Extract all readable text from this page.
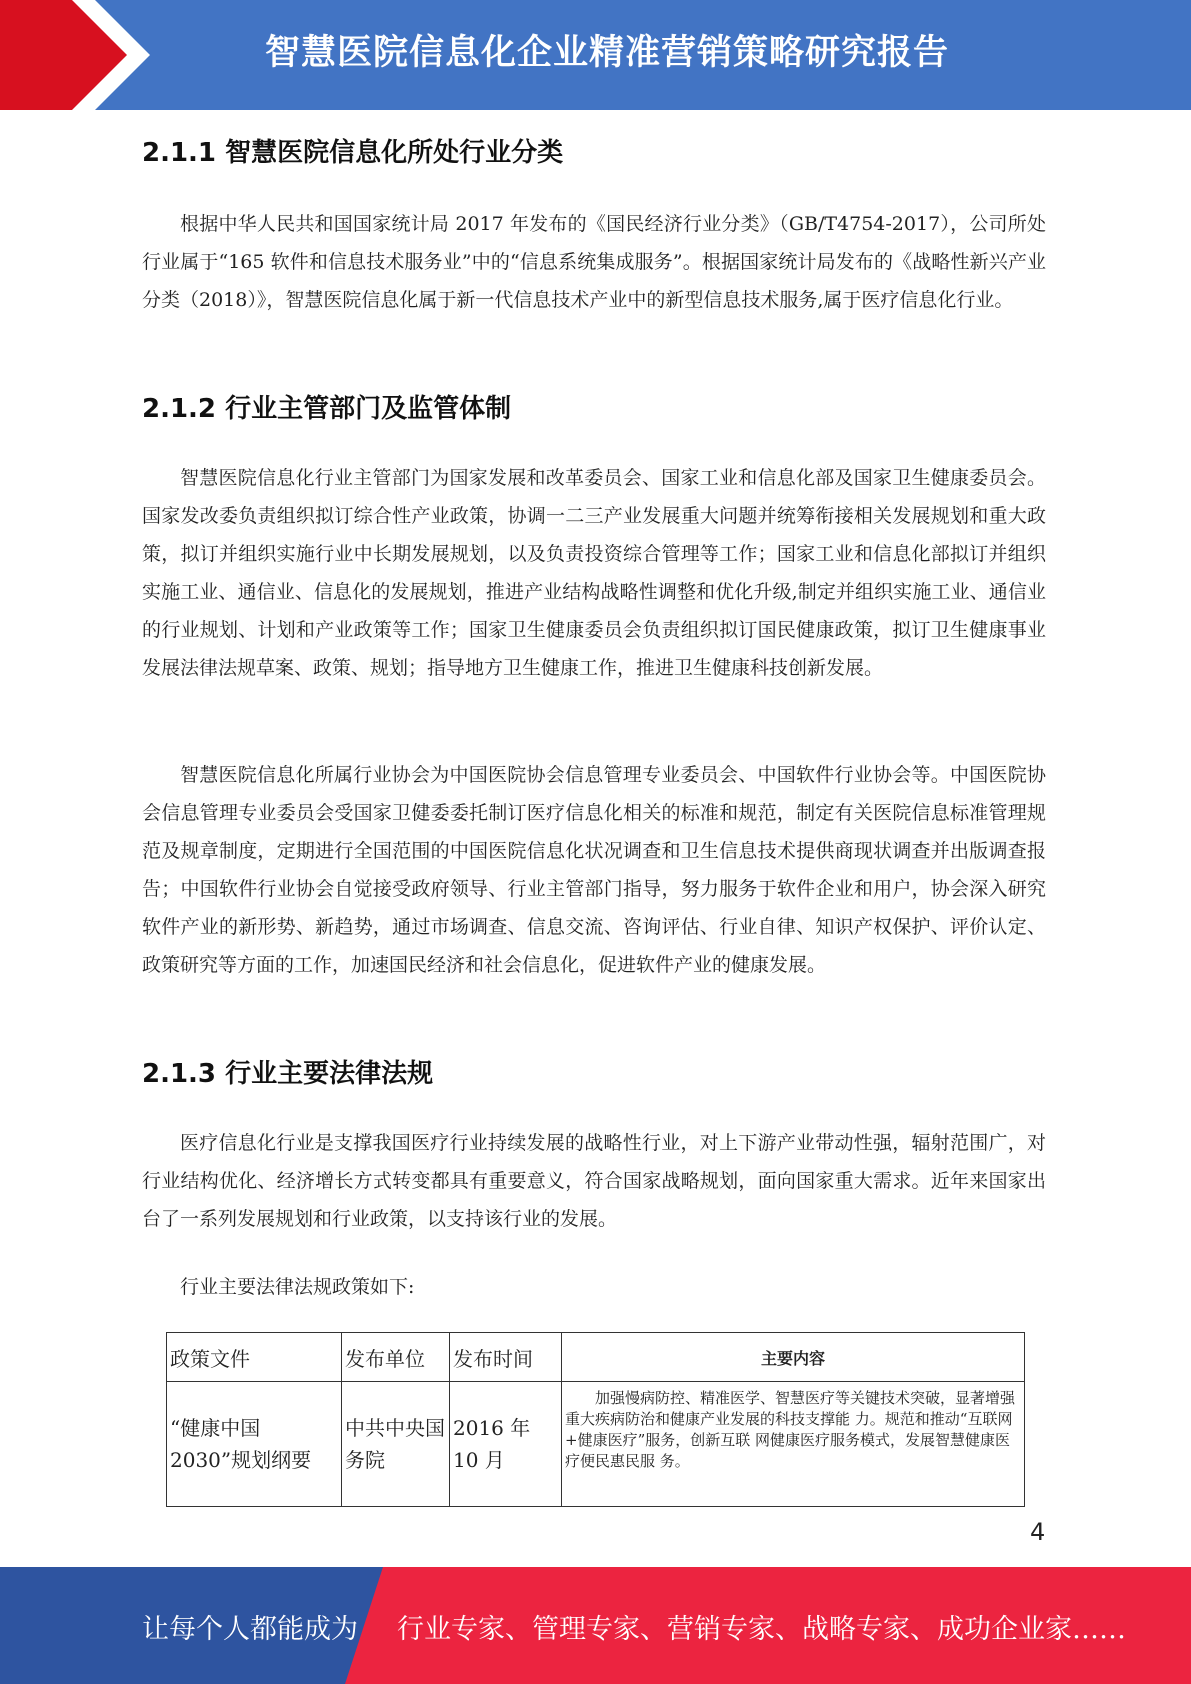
智慧医院信息化企业精准营销策略研究报告
2.1.1 智慧医院信息化所处行业分类
根据中华人民共和国国家统计局 2017 年发布的《国民经济行业分类》（GB/T4754-2017），公司所处行业属于“165 软件和信息技术服务业”中的“信息系统集成服务”。根据国家统计局发布的《战略性新兴产业分类（2018）》，智慧医院信息化属于新一代信息技术产业中的新型信息技术服务,属于医疗信息化行业。
2.1.2 行业主管部门及监管体制
智慧医院信息化行业主管部门为国家发展和改革委员会、国家工业和信息化部及国家卫生健康委员会。国家发改委负责组织拟订综合性产业政策，协调一二三产业发展重大问题并统筹衔接相关发展规划和重大政策，拟订并组织实施行业中长期发展规划，以及负责投资综合管理等工作；国家工业和信息化部拟订并组织实施工业、通信业、信息化的发展规划，推进产业结构战略性调整和优化升级,制定并组织实施工业、通信业的行业规划、计划和产业政策等工作；国家卫生健康委员会负责组织拟订国民健康政策，拟订卫生健康事业发展法律法规草案、政策、规划；指导地方卫生健康工作，推进卫生健康科技创新发展。
智慧医院信息化所属行业协会为中国医院协会信息管理专业委员会、中国软件行业协会等。中国医院协会信息管理专业委员会受国家卫健委委托制订医疗信息化相关的标准和规范，制定有关医院信息标准管理规范及规章制度，定期进行全国范围的中国医院信息化状况调查和卫生信息技术提供商现状调查并出版调查报告；中国软件行业协会自觉接受政府领导、行业主管部门指导，努力服务于软件企业和用户，协会深入研究软件产业的新形势、新趋势，通过市场调查、信息交流、咨询评估、行业自律、知识产权保护、评价认定、政策研究等方面的工作，加速国民经济和社会信息化，促进软件产业的健康发展。
2.1.3 行业主要法律法规
医疗信息化行业是支撑我国医疗行业持续发展的战略性行业，对上下游产业带动性强，辐射范围广，对行业结构优化、经济增长方式转变都具有重要意义，符合国家战略规划，面向国家重大需求。近年来国家出台了一系列发展规划和行业政策，以支持该行业的发展。
行业主要法律法规政策如下:
政策文件	发布单位	发布时间	主要内容
“健康中国 2030”规划纲要	中共中央国务院	2016 年 10 月	加强慢病防控、精准医学、智慧医疗等关键技术突破，显著增强重大疾病防治和健康产业发展的科技支撑能 力。规范和推动“互联网+健康医疗”服务，创新互联 网健康医疗服务模式，发展智慧健康医疗便民惠民服 务。
4
让每个人都能成为 行业专家、管理专家、营销专家、战略专家、成功企业家……
